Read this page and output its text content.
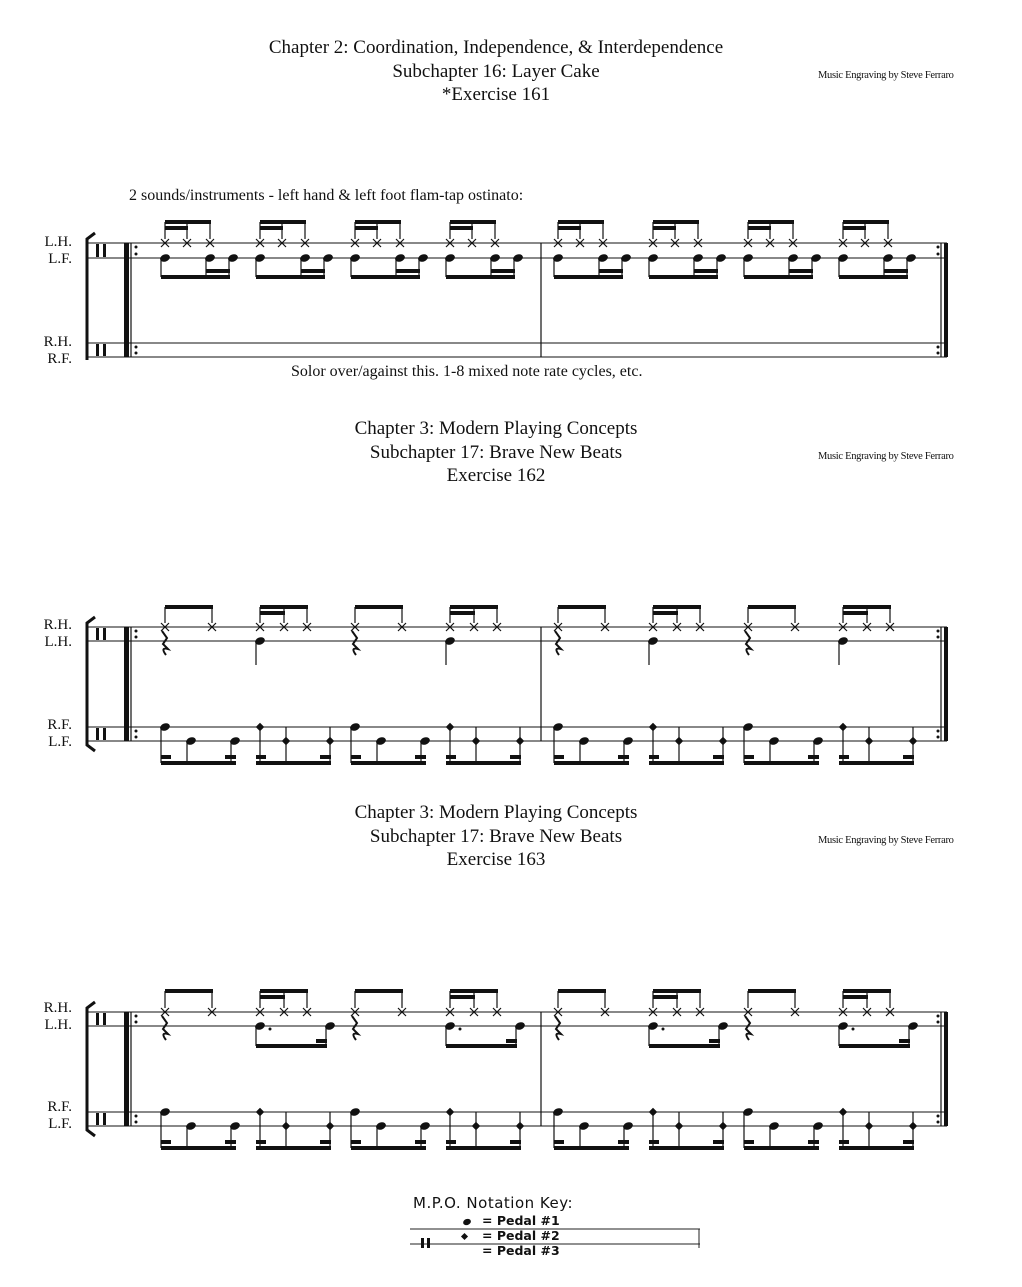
Chapter 2: Coordination, Independence, & Interdependence
Subchapter 16: Layer Cake
*Exercise 161
Music Engraving by Steve Ferraro
2 sounds/instruments - left hand & left foot flam-tap ostinato:
L.H.
L.F.
R.H.
R.F.
Solor over/against this. 1-8 mixed note rate cycles, etc.
Chapter 3: Modern Playing Concepts
Subchapter 17: Brave New Beats
Exercise 162
Music Engraving by Steve Ferraro
R.H.
L.H.
R.F.
L.F.
Chapter 3: Modern Playing Concepts
Subchapter 17: Brave New Beats
Exercise 163
Music Engraving by Steve Ferraro
R.H.
L.H.
R.F.
L.F.
M.P.O. Notation Key:
= Pedal #1
= Pedal #2
= Pedal #3
